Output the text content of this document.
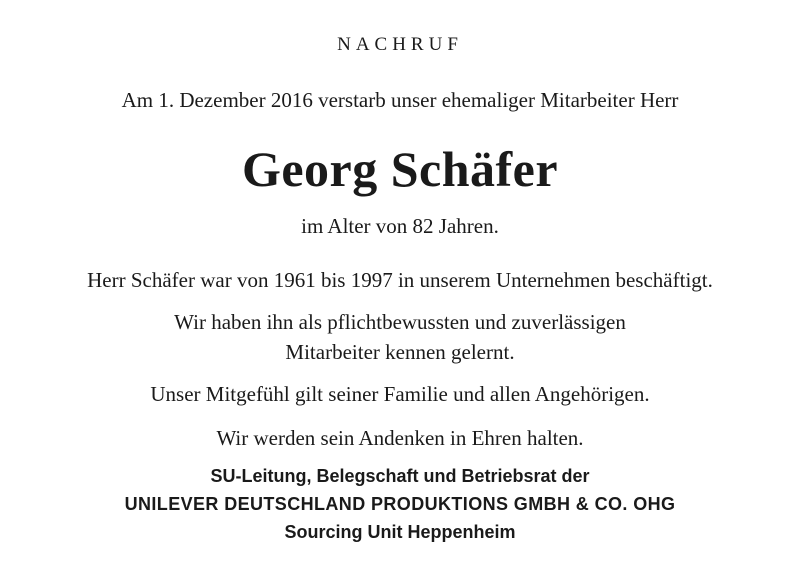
NACHRUF
Am 1. Dezember 2016 verstarb unser ehemaliger Mitarbeiter Herr
Georg Schäfer
im Alter von 82 Jahren.
Herr Schäfer war von 1961 bis 1997 in unserem Unternehmen beschäftigt.
Wir haben ihn als pflichtbewussten und zuverlässigen
Mitarbeiter kennen gelernt.
Unser Mitgefühl gilt seiner Familie und allen Angehörigen.
Wir werden sein Andenken in Ehren halten.
SU-Leitung, Belegschaft und Betriebsrat der
UNILEVER DEUTSCHLAND PRODUKTIONS GMBH & CO. OHG
Sourcing Unit Heppenheim
